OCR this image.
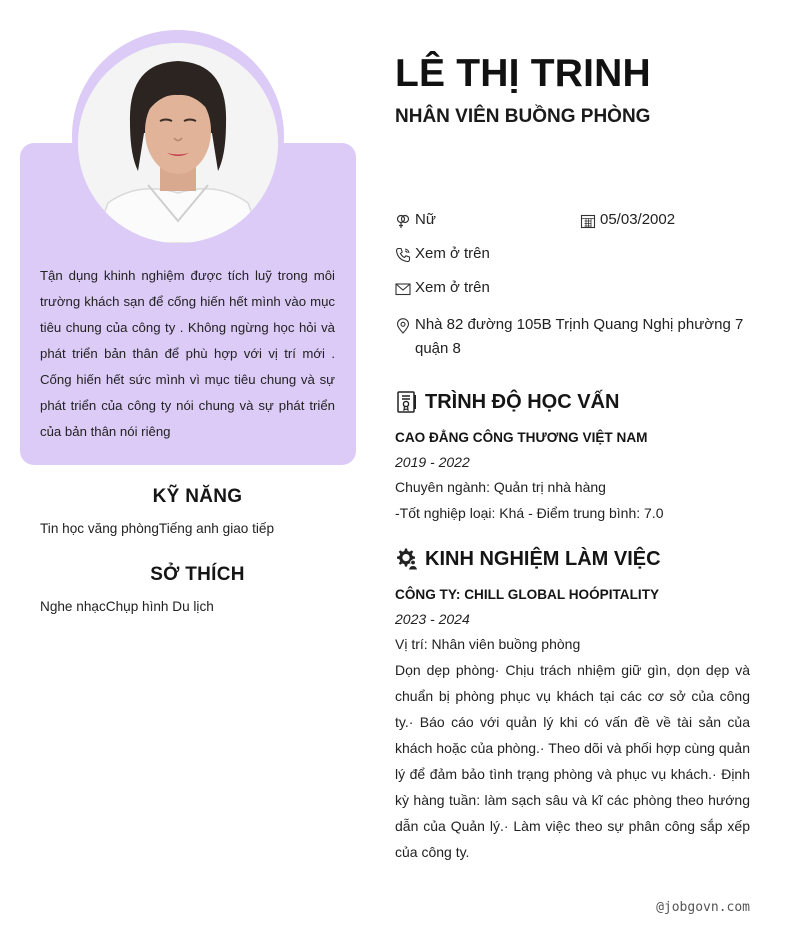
Tận dụng khinh nghiệm được tích luỹ trong môi trường khách sạn để cống hiến hết mình vào mục tiêu chung của công ty . Không ngừng học hỏi và phát triển bản thân để phù hợp với vị trí mới . Cống hiến hết sức mình vì mục tiêu chung và sự phát triển của công ty nói chung và sự phát triển của bản thân nói riêng
KỸ NĂNG
Tin học văng phòngTiếng anh giao tiếp
SỞ THÍCH
Nghe nhạcChụp hình Du lịch
LÊ THỊ TRINH
NHÂN VIÊN BUỒNG PHÒNG
Nữ	05/03/2002
Xem ở trên
Xem ở trên
Nhà 82 đường 105B Trịnh Quang Nghị phường 7 quận 8
TRÌNH ĐỘ HỌC VẤN
CAO ĐẲNG CÔNG THƯƠNG VIỆT NAM
2019 - 2022
Chuyên ngành: Quản trị nhà hàng
-Tốt nghiệp loại: Khá - Điểm trung bình: 7.0
KINH NGHIỆM LÀM VIỆC
CÔNG TY: CHILL GLOBAL HOÓPITALITY
2023 - 2024
Vị trí: Nhân viên buồng phòng
Dọn dẹp phòng· Chịu trách nhiệm giữ gìn, dọn dẹp và chuẩn bị phòng phục vụ khách tại các cơ sở của công ty.· Báo cáo với quản lý khi có vấn đề về tài sản của khách hoặc của phòng.· Theo dõi và phối hợp cùng quản lý để đảm bảo tình trạng phòng và phục vụ khách.· Định kỳ hàng tuần: làm sạch sâu và kĩ các phòng theo hướng dẫn của Quản lý.· Làm việc theo sự phân công sắp xếp của công ty.
@jobgovn.com
